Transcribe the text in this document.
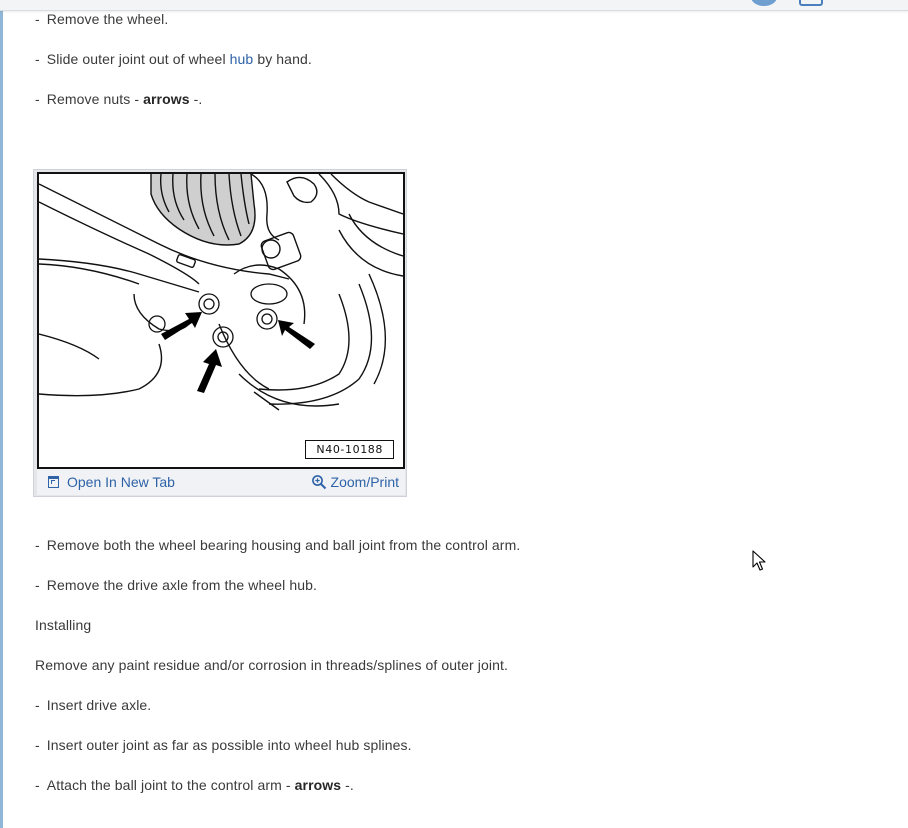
- Remove the wheel.
- Slide outer joint out of wheel hub by hand.
- Remove nuts - arrows -.
N40-10188
Open In New Tab	Zoom/Print
- Remove both the wheel bearing housing and ball joint from the control arm.
- Remove the drive axle from the wheel hub.
Installing
Remove any paint residue and/or corrosion in threads/splines of outer joint.
- Insert drive axle.
- Insert outer joint as far as possible into wheel hub splines.
- Attach the ball joint to the control arm - arrows -.
